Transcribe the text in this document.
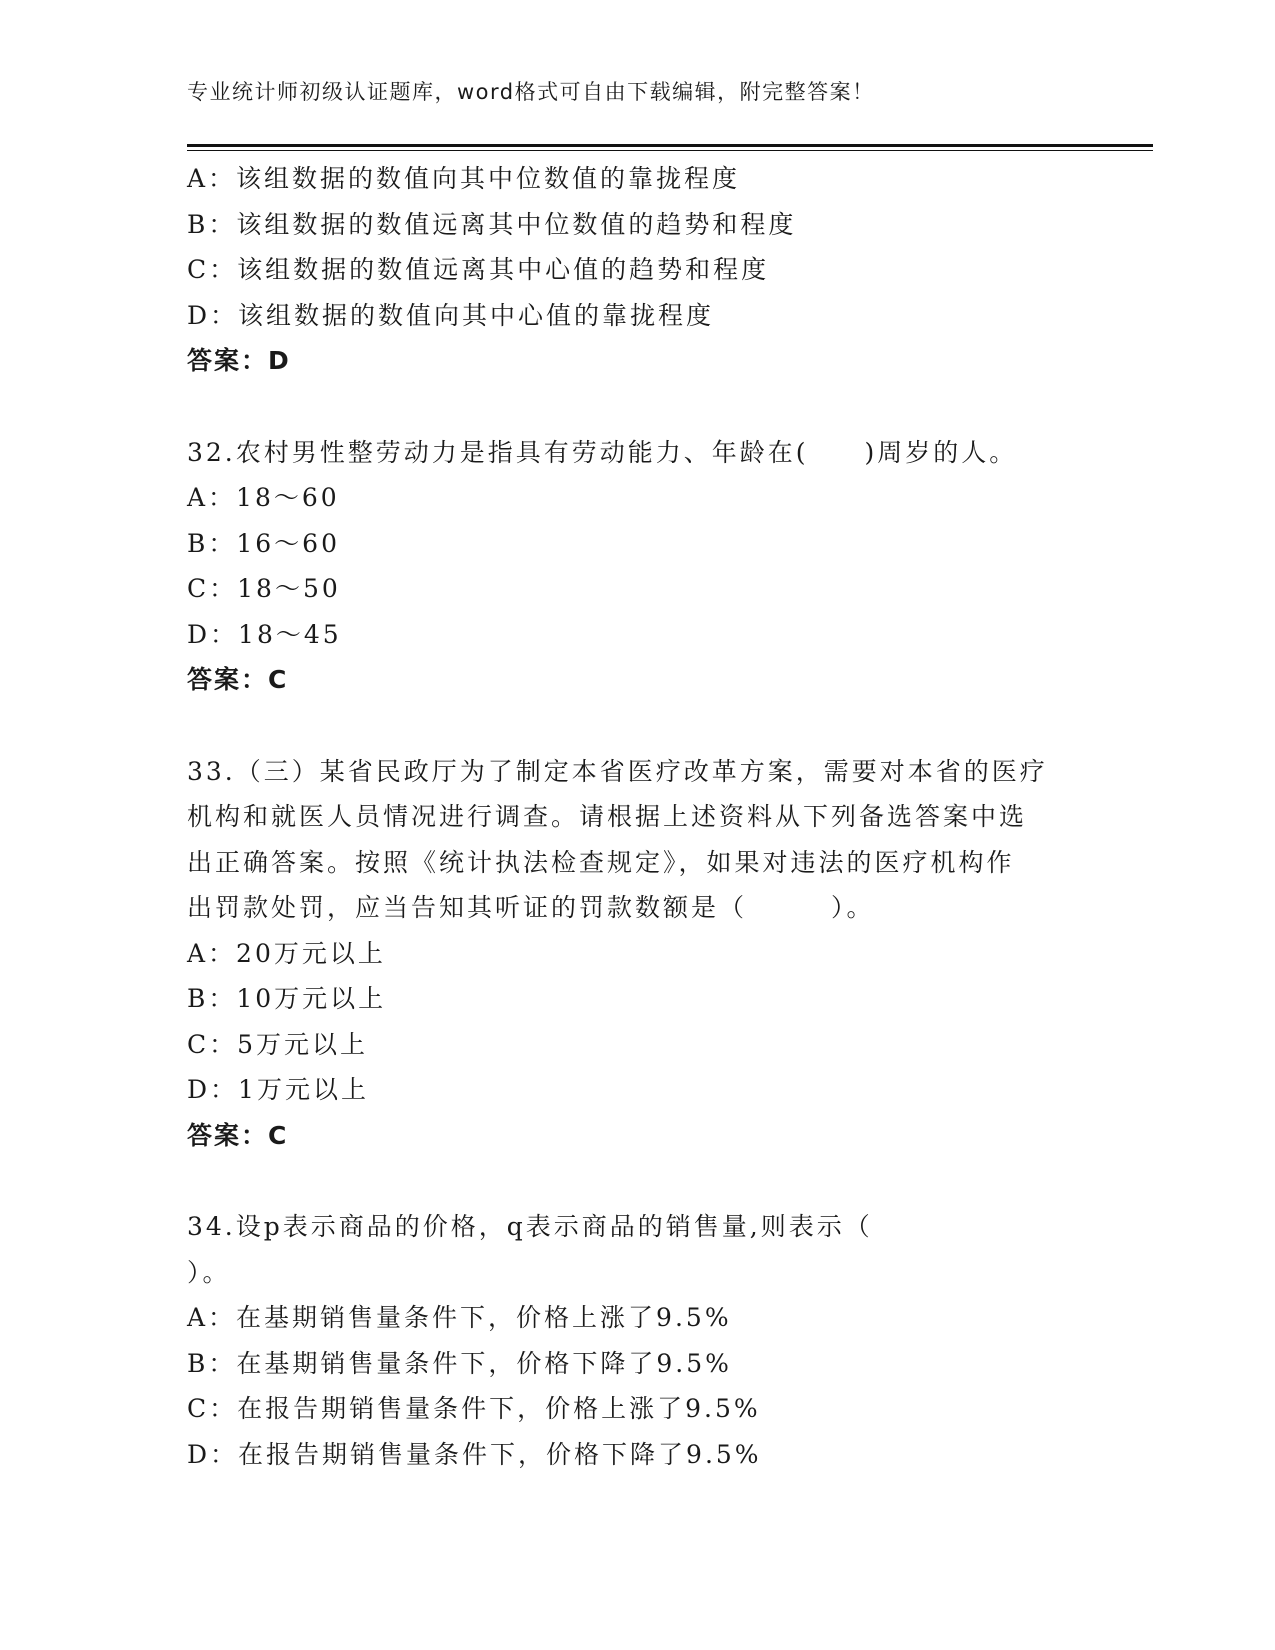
专业统计师初级认证题库，word格式可自由下载编辑，附完整答案！
A：该组数据的数值向其中位数值的靠拢程度
B：该组数据的数值远离其中位数值的趋势和程度
C：该组数据的数值远离其中心值的趋势和程度
D：该组数据的数值向其中心值的靠拢程度
答案：D
32.农村男性整劳动力是指具有劳动能力、年龄在(　　)周岁的人。
A：18～60
B：16～60
C：18～50
D：18～45
答案：C
33.（三）某省民政厅为了制定本省医疗改革方案，需要对本省的医疗
机构和就医人员情况进行调查。请根据上述资料从下列备选答案中选
出正确答案。按照《统计执法检查规定》，如果对违法的医疗机构作
出罚款处罚，应当告知其听证的罚款数额是（　　　）。
A：20万元以上
B：10万元以上
C：5万元以上
D：1万元以上
答案：C
34.设p表示商品的价格，q表示商品的销售量,则表示（
）。
A：在基期销售量条件下，价格上涨了9.5%
B：在基期销售量条件下，价格下降了9.5%
C：在报告期销售量条件下，价格上涨了9.5%
D：在报告期销售量条件下，价格下降了9.5%
